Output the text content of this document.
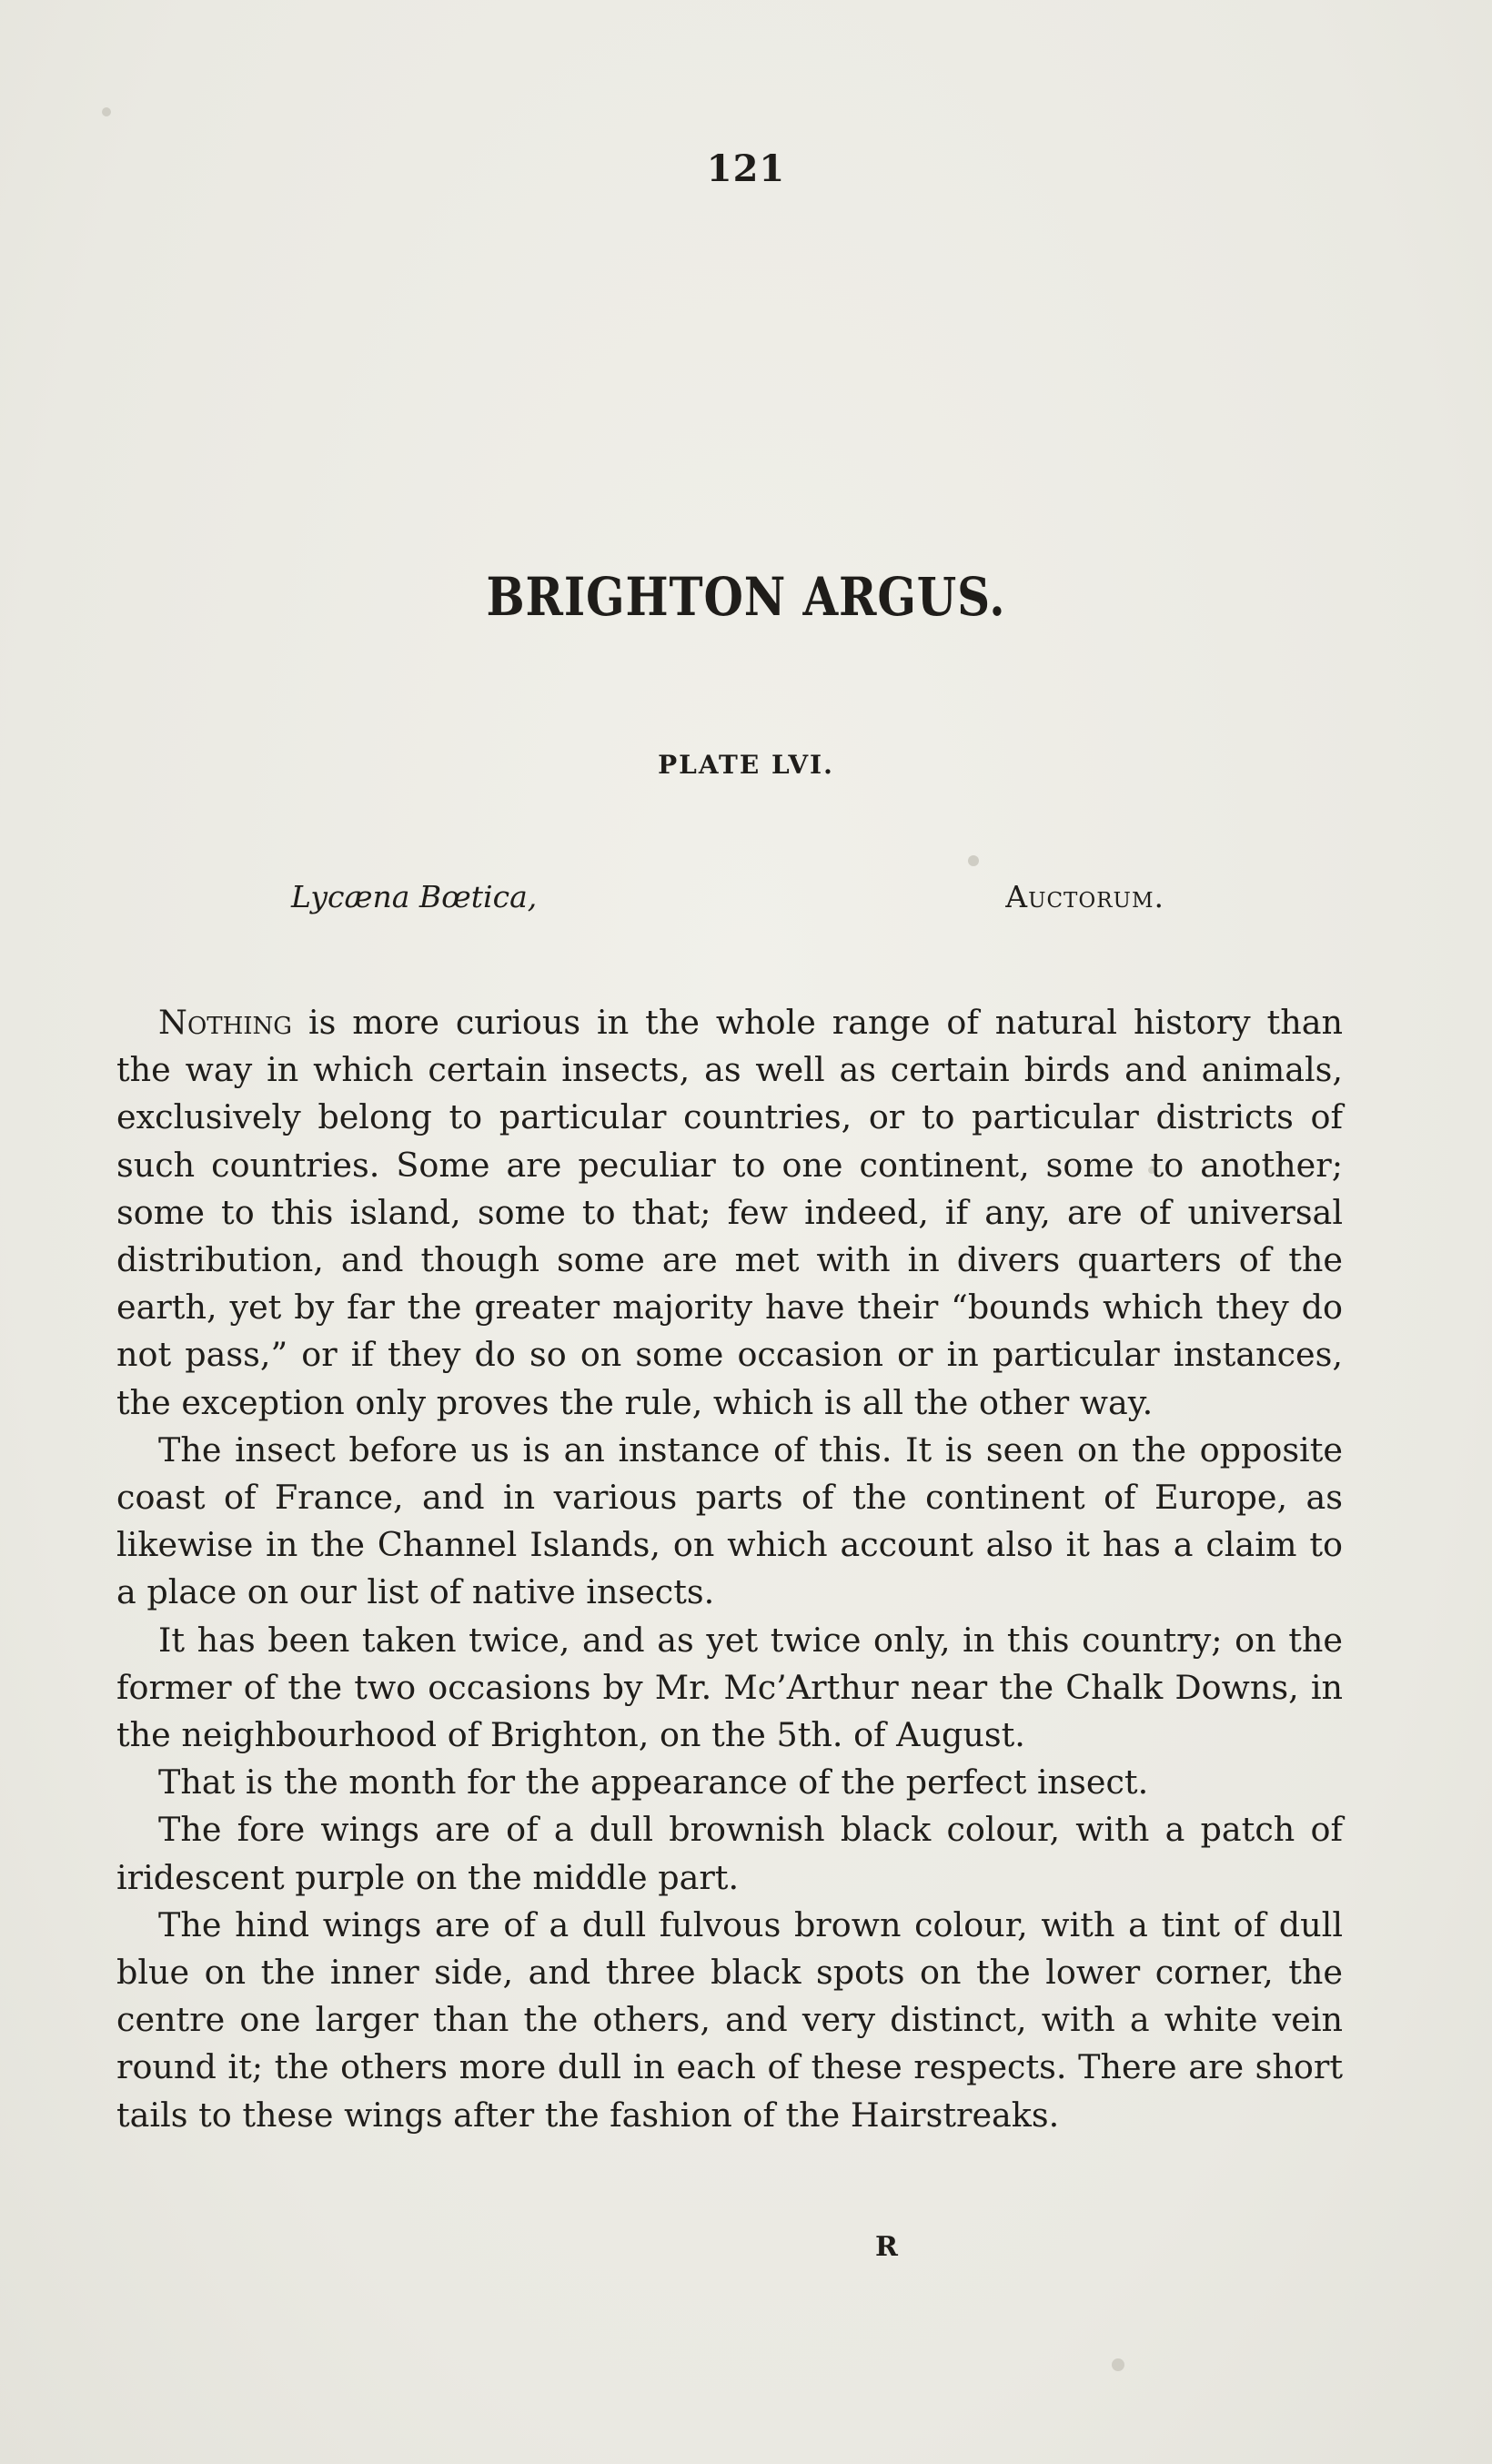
121
BRIGHTON ARGUS.
PLATE LVI.
Lycæna Bœtica,	Auctorum.

Nothing is more curious in the whole range of natural history than the way in which certain insects, as well as certain birds and animals, exclusively belong to particular countries, or to particular districts of such countries. Some are peculiar to one continent, some to another; some to this island, some to that; few indeed, if any, are of universal distribution, and though some are met with in divers quarters of the earth, yet by far the greater majority have their “bounds which they do not pass,” or if they do so on some occasion or in particular instances, the exception only proves the rule, which is all the other way.

The insect before us is an instance of this. It is seen on the opposite coast of France, and in various parts of the continent of Europe, as likewise in the Channel Islands, on which account also it has a claim to a place on our list of native insects.

It has been taken twice, and as yet twice only, in this country; on the former of the two occasions by Mr. Mc’Arthur near the Chalk Downs, in the neighbourhood of Brighton, on the 5th. of August.

That is the month for the appearance of the perfect insect.

The fore wings are of a dull brownish black colour, with a patch of iridescent purple on the middle part.

The hind wings are of a dull fulvous brown colour, with a tint of dull blue on the inner side, and three black spots on the lower corner, the centre one larger than the others, and very distinct, with a white vein round it; the others more dull in each of these respects. There are short tails to these wings after the fashion of the Hairstreaks.

R
